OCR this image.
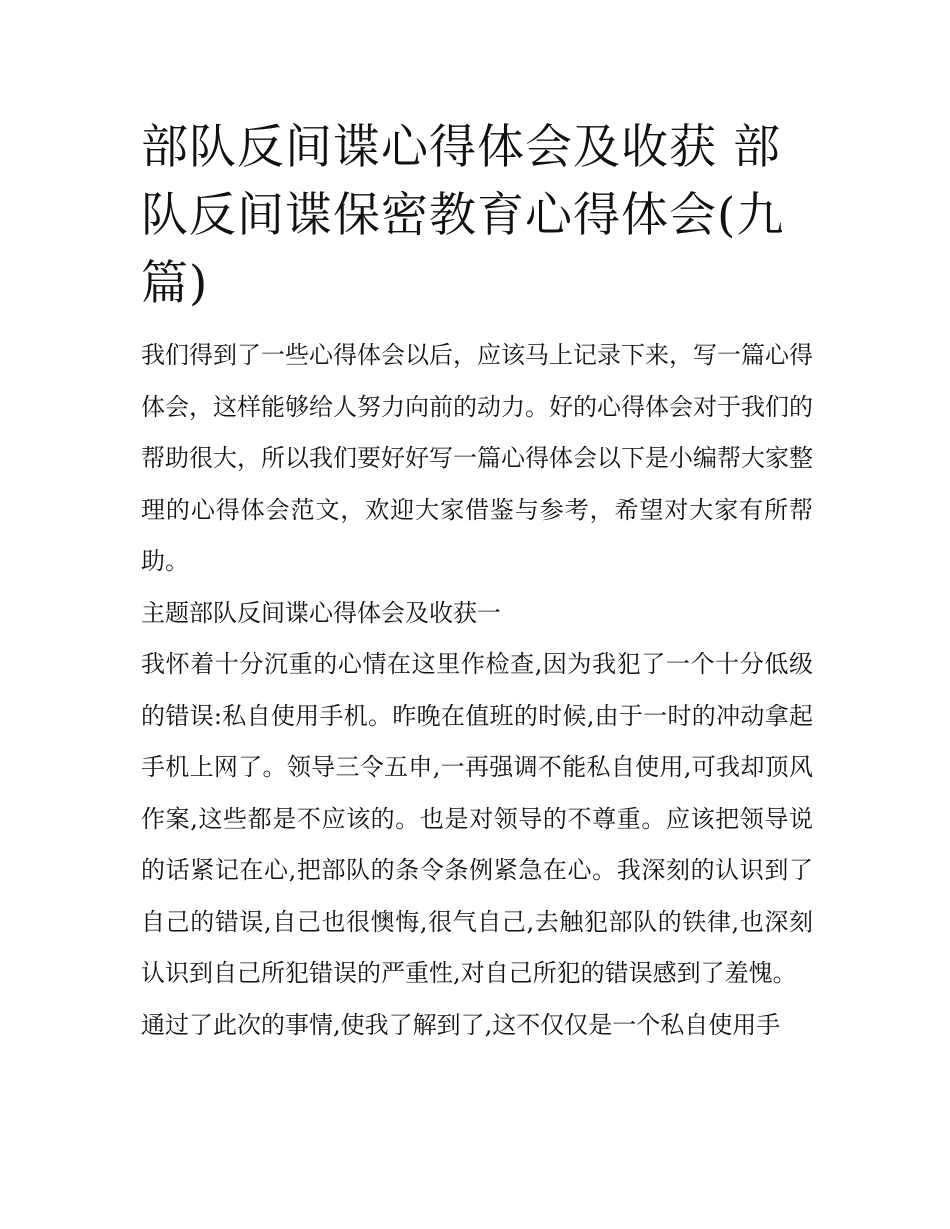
部队反间谍心得体会及收获 部队反间谍保密教育心得体会(九篇)

我们得到了一些心得体会以后，应该马上记录下来，写一篇心得体会，这样能够给人努力向前的动力。好的心得体会对于我们的帮助很大，所以我们要好好写一篇心得体会以下是小编帮大家整理的心得体会范文，欢迎大家借鉴与参考，希望对大家有所帮助。

主题部队反间谍心得体会及收获一

我怀着十分沉重的心情在这里作检查,因为我犯了一个十分低级的错误:私自使用手机。昨晚在值班的时候,由于一时的冲动拿起手机上网了。领导三令五申,一再强调不能私自使用,可我却顶风作案,这些都是不应该的。也是对领导的不尊重。应该把领导说的话紧记在心,把部队的条令条例紧急在心。我深刻的认识到了自己的错误,自己也很懊悔,很气自己,去触犯部队的铁律,也深刻认识到自己所犯错误的严重性,对自己所犯的错误感到了羞愧。

通过了此次的事情,使我了解到了,这不仅仅是一个私自使用手
